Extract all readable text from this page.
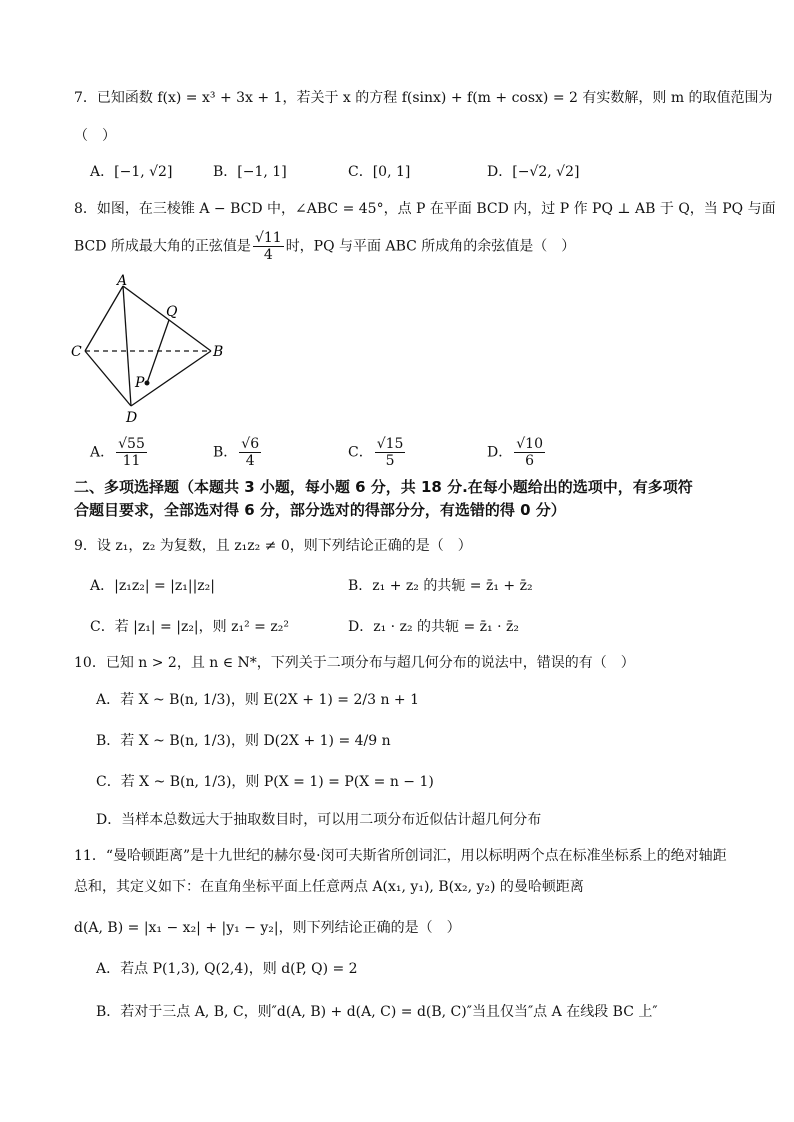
7．已知函数 f(x) = x³ + 3x + 1，若关于 x 的方程 f(sinx) + f(m + cosx) = 2 有实数解，则 m 的取值范围为
（　）
A．[−1, √2]	B．[−1, 1]	C．[0, 1]	D．[−√2, √2]
8．如图，在三棱锥 A − BCD 中，∠ABC = 45°，点 P 在平面 BCD 内，过 P 作 PQ ⊥ AB 于 Q，当 PQ 与面
BCD 所成最大角的正弦值是 $\frac{√11}{4}$ 时，PQ 与平面 ABC 所成角的余弦值是（　）
A
Q
C	B
P
D
A． $\frac{√55}{11}$	B． $\frac{√6}{4}$	C． $\frac{√15}{5}$	D． $\frac{√10}{6}$
二、多项选择题（本题共 3 小题，每小题 6 分，共 18 分.在每小题给出的选项中，有多项符
合题目要求，全部选对得 6 分，部分选对的得部分分，有选错的得 0 分）
9．设 z₁，z₂ 为复数，且 z₁z₂ ≠ 0，则下列结论正确的是（　）
A．|z₁z₂| = |z₁||z₂|	B．z₁ + z₂ 的共轭 = z̄₁ + z̄₂
C．若 |z₁| = |z₂|，则 z₁² = z₂²	D．z₁ · z₂ 的共轭 = z̄₁ · z̄₂
10．已知 n > 2，且 n ∈ N*，下列关于二项分布与超几何分布的说法中，错误的有（　）
A．若 X ~ B(n, 1/3)，则 E(2X + 1) = 2/3 n + 1
B．若 X ~ B(n, 1/3)，则 D(2X + 1) = 4/9 n
C．若 X ~ B(n, 1/3)，则 P(X = 1) = P(X = n − 1)
D．当样本总数远大于抽取数目时，可以用二项分布近似估计超几何分布
11．“曼哈顿距离”是十九世纪的赫尔曼·闵可夫斯省所创词汇，用以标明两个点在标准坐标系上的绝对轴距
总和，其定义如下：在直角坐标平面上任意两点 A(x₁, y₁), B(x₂, y₂) 的曼哈顿距离
d(A, B) = |x₁ − x₂| + |y₁ − y₂|，则下列结论正确的是（　）
A．若点 P(1,3), Q(2,4)，则 d(P, Q) = 2
B．若对于三点 A, B, C，则″d(A, B) + d(A, C) = d(B, C)″当且仅当″点 A 在线段 BC 上″
